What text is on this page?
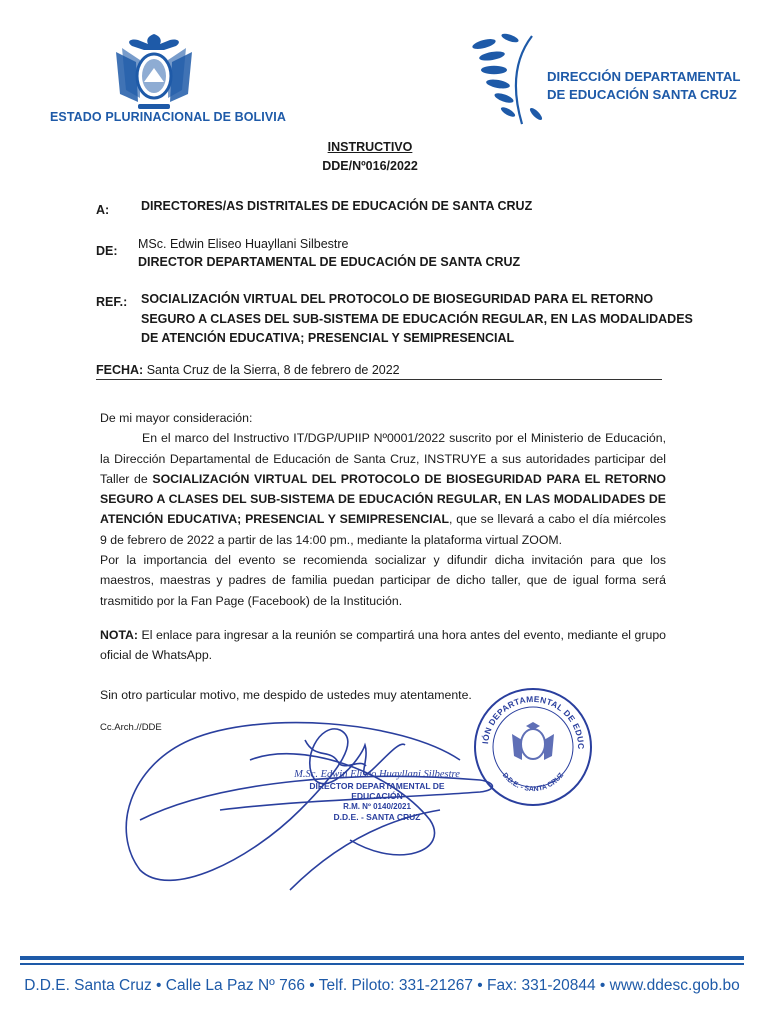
ESTADO PLURINACIONAL DE BOLIVIA
DIRECCIÓN DEPARTAMENTAL
DE EDUCACIÓN SANTA CRUZ
INSTRUCTIVO
DDE/Nº016/2022
A:	DIRECTORES/AS DISTRITALES DE EDUCACIÓN DE SANTA CRUZ
DE: MSc. Edwin Eliseo Huayllani Silbestre
DIRECTOR DEPARTAMENTAL DE EDUCACIÓN DE SANTA CRUZ
REF.: SOCIALIZACIÓN VIRTUAL DEL PROTOCOLO DE BIOSEGURIDAD PARA EL RETORNO
SEGURO A CLASES DEL SUB-SISTEMA DE EDUCACIÓN REGULAR, EN LAS MODALIDADES
DE ATENCIÓN EDUCATIVA; PRESENCIAL Y SEMIPRESENCIAL
FECHA: Santa Cruz de la Sierra, 8 de febrero de 2022

De mi mayor consideración:

En el marco del Instructivo IT/DGP/UPIIP Nº0001/2022 suscrito por el Ministerio de Educación, la Dirección Departamental de Educación de Santa Cruz, INSTRUYE a sus autoridades participar del Taller de SOCIALIZACIÓN VIRTUAL DEL PROTOCOLO DE BIOSEGURIDAD PARA EL RETORNO SEGURO A CLASES DEL SUB-SISTEMA DE EDUCACIÓN REGULAR, EN LAS MODALIDADES DE ATENCIÓN EDUCATIVA; PRESENCIAL Y SEMIPRESENCIAL, que se llevará a cabo el día miércoles 9 de febrero de 2022 a partir de las 14:00 pm., mediante la plataforma virtual ZOOM.

Por la importancia del evento se recomienda socializar y difundir dicha invitación para que los maestros, maestras y padres de familia puedan participar de dicho taller, que de igual forma será trasmitido por la Fan Page (Facebook) de la Institución.

NOTA: El enlace para ingresar a la reunión se compartirá una hora antes del evento, mediante el grupo oficial de WhatsApp.

Sin otro particular motivo, me despido de ustedes muy atentamente.

Cc.Arch.//DDE
M.Sc. Edwin Eliseo Huayllani Silbestre
DIRECTOR DEPARTAMENTAL DE EDUCACIÓN
R.M. Nº 0140/2021
D.D.E. - SANTA CRUZ
IÓN DEPARTAMENTAL DE EDUC
D.D.E. - SANTA CRUZ
D.D.E. Santa Cruz • Calle La Paz Nº 766 • Telf. Piloto: 331-21267 • Fax: 331-20844 • www.ddesc.gob.bo
